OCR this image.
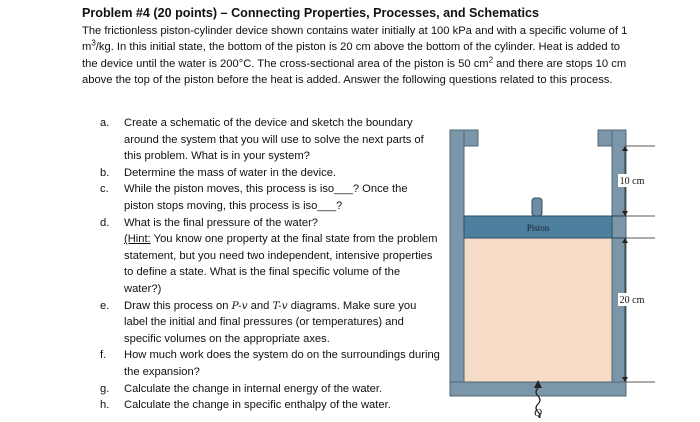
Problem #4 (20 points) – Connecting Properties, Processes, and Schematics
The frictionless piston-cylinder device shown contains water initially at 100 kPa and with a specific volume of 1 $m^3/kg$. In this initial state, the bottom of the piston is 20 cm above the bottom of the cylinder. Heat is added to the device until the water is 200°C. The cross-sectional area of the piston is 50 $cm^2$ and there are stops 10 cm above the top of the piston before the heat is added. Answer the following questions related to this process.
a.	Create a schematic of the device and sketch the boundary around the system that you will use to solve the next parts of this problem. What is in your system?
b.	Determine the mass of water in the device.
c.	While the piston moves, this process is iso___? Once the piston stops moving, this process is iso___?
d.	What is the final pressure of the water?
(Hint: You know one property at the final state from the problem statement, but you need two independent, intensive properties to define a state. What is the final specific volume of the water?)
e.	Draw this process on P-v and T-v diagrams. Make sure you label the initial and final pressures (or temperatures) and specific volumes on the appropriate axes.
f.	How much work does the system do on the surroundings during the expansion?
g.	Calculate the change in internal energy of the water.
h.	Calculate the change in specific enthalpy of the water.
Piston
10 cm
20 cm
Q
